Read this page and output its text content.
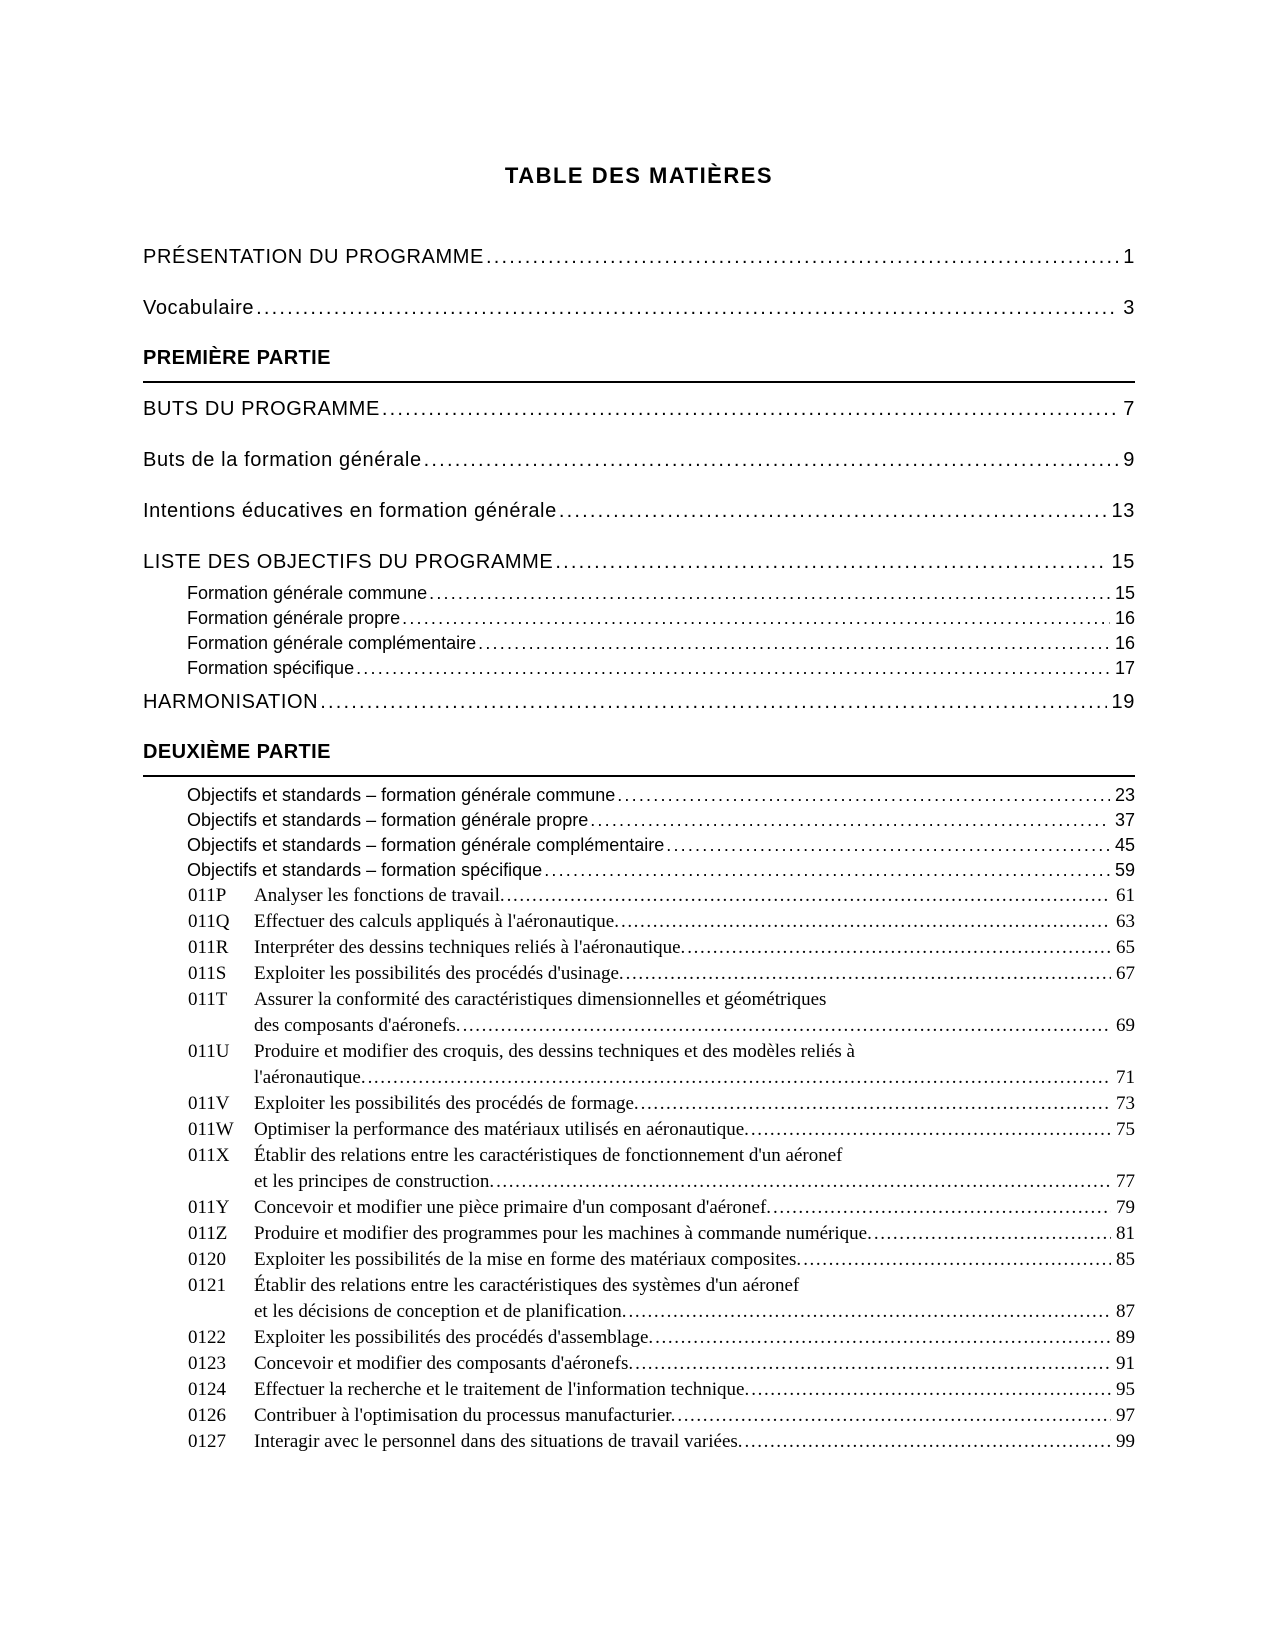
TABLE DES MATIÈRES
PRÉSENTATION DU PROGRAMME .....	1
Vocabulaire .....	3
PREMIÈRE PARTIE
BUTS DU PROGRAMME .....	7
Buts de la formation générale .....	9
Intentions éducatives en formation générale .....	13
LISTE DES OBJECTIFS DU PROGRAMME .....	15
Formation générale commune .....	15
Formation générale propre .....	16
Formation générale complémentaire .....	16
Formation spécifique .....	17
HARMONISATION .....	19
DEUXIÈME PARTIE
Objectifs et standards – formation générale commune .....	23
Objectifs et standards – formation générale propre .....	37
Objectifs et standards – formation générale complémentaire .....	45
Objectifs et standards – formation spécifique .....	59
011P	Analyser les fonctions de travail. .....	61
011Q	Effectuer des calculs appliqués à l'aéronautique. .....	63
011R	Interpréter des dessins techniques reliés à l'aéronautique. .....	65
011S	Exploiter les possibilités des procédés d'usinage. .....	67
011T	Assurer la conformité des caractéristiques dimensionnelles et géométriques
des composants d'aéronefs. .....	69
011U	Produire et modifier des croquis, des dessins techniques et des modèles reliés à
l'aéronautique. .....	71
011V	Exploiter les possibilités des procédés de formage. .....	73
011W	Optimiser la performance des matériaux utilisés en aéronautique. .....	75
011X	Établir des relations entre les caractéristiques de fonctionnement d'un aéronef
et les principes de construction. .....	77
011Y	Concevoir et modifier une pièce primaire d'un composant d'aéronef. .....	79
011Z	Produire et modifier des programmes pour les machines à commande numérique. .....	81
0120	Exploiter les possibilités de la mise en forme des matériaux composites. .....	85
0121	Établir des relations entre les caractéristiques des systèmes d'un aéronef
et les décisions de conception et de planification. .....	87
0122	Exploiter les possibilités des procédés d'assemblage. .....	89
0123	Concevoir et modifier des composants d'aéronefs. .....	91
0124	Effectuer la recherche et le traitement de l'information technique. .....	95
0126	Contribuer à l'optimisation du processus manufacturier. .....	97
0127	Interagir avec le personnel dans des situations de travail variées. .....	99
